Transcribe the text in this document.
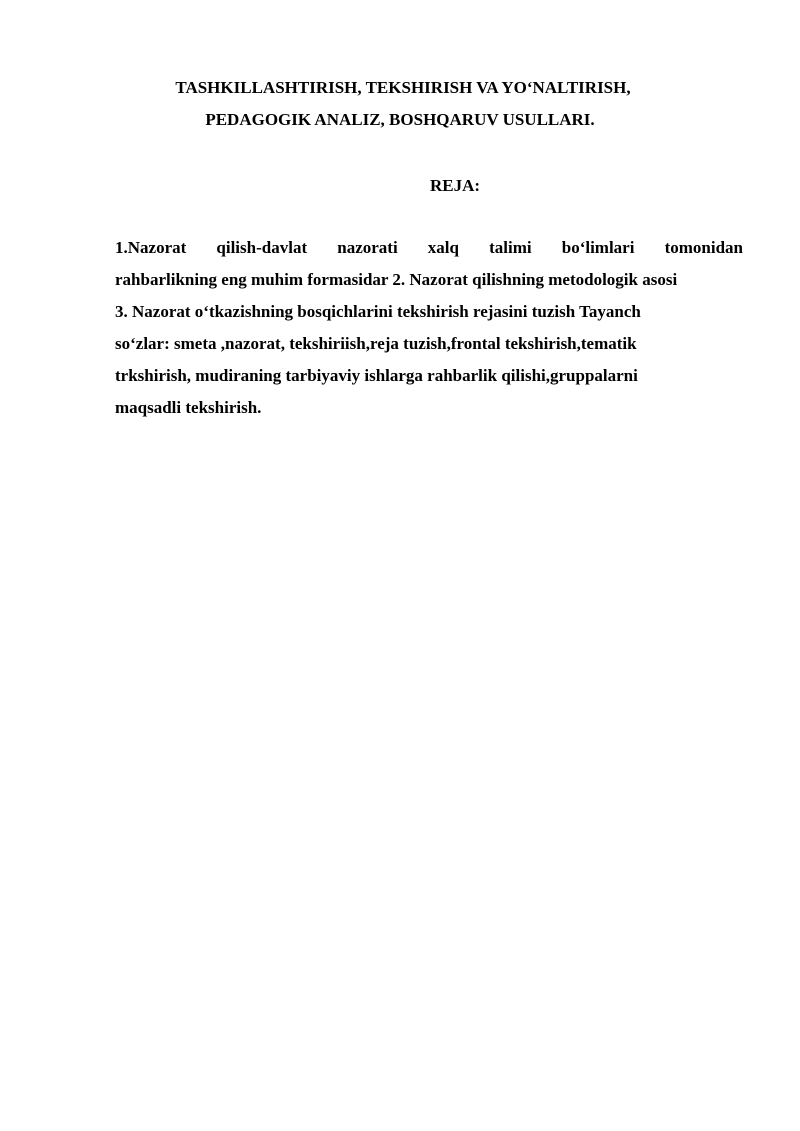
TASHKILLASHTIRISH, TEKSHIRISH VA YO‘NALTIRISH,
PEDAGOGIK ANALIZ, BOSHQARUV USULLARI.
REJA:
1.Nazorat qilish-davlat nazorati xalq talimi bo‘limlari tomonidan
rahbarlikning eng muhim formasidar 2. Nazorat qilishning metodologik asosi
3. Nazorat o‘tkazishning bosqichlarini tekshirish rejasini tuzish Tayanch
so‘zlar: smeta ,nazorat, tekshiriish,reja tuzish,frontal tekshirish,tematik
trkshirish, mudiraning tarbiyaviy ishlarga rahbarlik qilishi,gruppalarni
maqsadli tekshirish.
